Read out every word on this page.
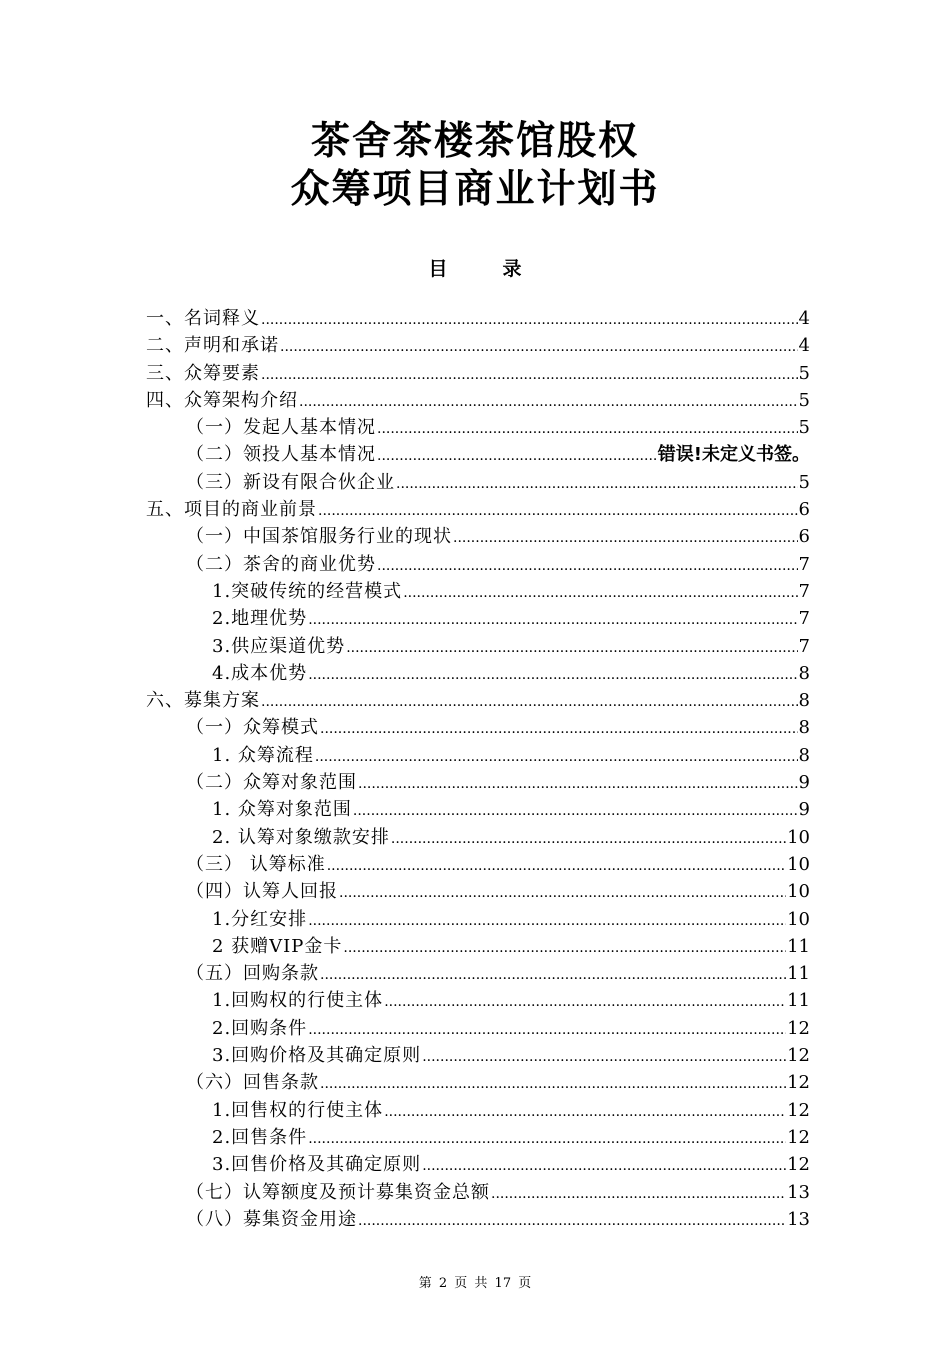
茶舍茶楼茶馆股权
众筹项目商业计划书
目　录
一、名词释义 .....	4
二、声明和承诺 .....	4
三、众筹要素 .....	5
四、众筹架构介绍 .....	5
（一）发起人基本情况 .....	5
（二）领投人基本情况 .....	错误!未定义书签。
（三）新设有限合伙企业 .....	5
五、项目的商业前景 .....	6
（一）中国茶馆服务行业的现状 .....	6
（二）茶舍的商业优势 .....	7
1.突破传统的经营模式 .....	7
2.地理优势 .....	7
3.供应渠道优势 .....	7
4.成本优势 .....	8
六、募集方案 .....	8
（一）众筹模式 .....	8
1. 众筹流程 .....	8
（二）众筹对象范围 .....	9
1. 众筹对象范围 .....	9
2. 认筹对象缴款安排 .....	10
（三） 认筹标准 .....	10
（四）认筹人回报 .....	10
1.分红安排 .....	10
2 获赠VIP金卡 .....	11
（五）回购条款 .....	11
1.回购权的行使主体 .....	11
2.回购条件 .....	12
3.回购价格及其确定原则 .....	12
（六）回售条款 .....	12
1.回售权的行使主体 .....	12
2.回售条件 .....	12
3.回售价格及其确定原则 .....	12
（七）认筹额度及预计募集资金总额 .....	13
（八）募集资金用途 .....	13
第 2 页 共 17 页
